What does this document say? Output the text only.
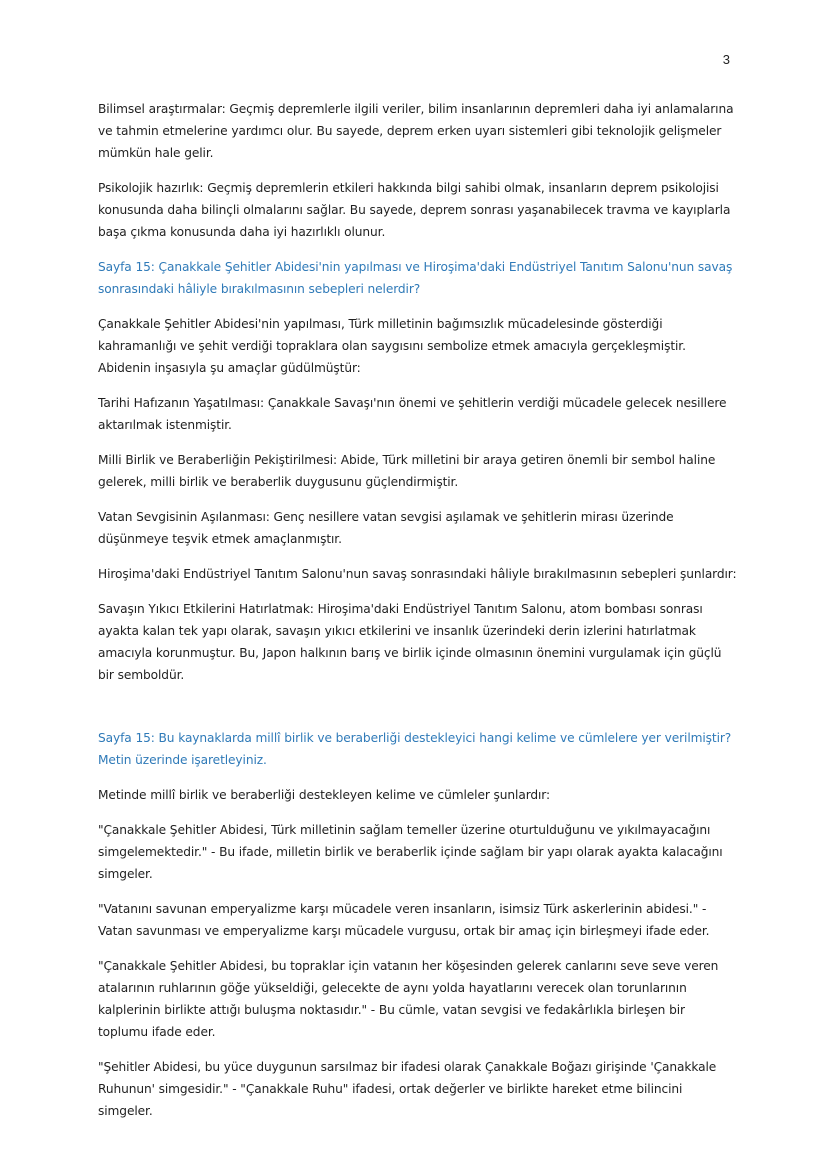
3

Bilimsel araştırmalar: Geçmiş depremlerle ilgili veriler, bilim insanlarının depremleri daha iyi anlamalarına ve tahmin etmelerine yardımcı olur. Bu sayede, deprem erken uyarı sistemleri gibi teknolojik gelişmeler mümkün hale gelir.

Psikolojik hazırlık: Geçmiş depremlerin etkileri hakkında bilgi sahibi olmak, insanların deprem psikolojisi konusunda daha bilinçli olmalarını sağlar. Bu sayede, deprem sonrası yaşanabilecek travma ve kayıplarla başa çıkma konusunda daha iyi hazırlıklı olunur.

Sayfa 15: Çanakkale Şehitler Abidesi'nin yapılması ve Hiroşima'daki Endüstriyel Tanıtım Salonu'nun savaş sonrasındaki hâliyle bırakılmasının sebepleri nelerdir?

Çanakkale Şehitler Abidesi'nin yapılması, Türk milletinin bağımsızlık mücadelesinde gösterdiği kahramanlığı ve şehit verdiği topraklara olan saygısını sembolize etmek amacıyla gerçekleşmiştir. Abidenin inşasıyla şu amaçlar güdülmüştür:

Tarihi Hafızanın Yaşatılması: Çanakkale Savaşı'nın önemi ve şehitlerin verdiği mücadele gelecek nesillere aktarılmak istenmiştir.

Milli Birlik ve Beraberliğin Pekiştirilmesi: Abide, Türk milletini bir araya getiren önemli bir sembol haline gelerek, milli birlik ve beraberlik duygusunu güçlendirmiştir.

Vatan Sevgisinin Aşılanması: Genç nesillere vatan sevgisi aşılamak ve şehitlerin mirası üzerinde düşünmeye teşvik etmek amaçlanmıştır.

Hiroşima'daki Endüstriyel Tanıtım Salonu'nun savaş sonrasındaki hâliyle bırakılmasının sebepleri şunlardır:

Savaşın Yıkıcı Etkilerini Hatırlatmak: Hiroşima'daki Endüstriyel Tanıtım Salonu, atom bombası sonrası ayakta kalan tek yapı olarak, savaşın yıkıcı etkilerini ve insanlık üzerindeki derin izlerini hatırlatmak amacıyla korunmuştur. Bu, Japon halkının barış ve birlik içinde olmasının önemini vurgulamak için güçlü bir semboldür.

Sayfa 15: Bu kaynaklarda millî birlik ve beraberliği destekleyici hangi kelime ve cümlelere yer verilmiştir? Metin üzerinde işaretleyiniz.

Metinde millî birlik ve beraberliği destekleyen kelime ve cümleler şunlardır:

"Çanakkale Şehitler Abidesi, Türk milletinin sağlam temeller üzerine oturtulduğunu ve yıkılmayacağını simgelemektedir." - Bu ifade, milletin birlik ve beraberlik içinde sağlam bir yapı olarak ayakta kalacağını simgeler.

"Vatanını savunan emperyalizme karşı mücadele veren insanların, isimsiz Türk askerlerinin abidesi." - Vatan savunması ve emperyalizme karşı mücadele vurgusu, ortak bir amaç için birleşmeyi ifade eder.

"Çanakkale Şehitler Abidesi, bu topraklar için vatanın her köşesinden gelerek canlarını seve seve veren atalarının ruhlarının göğe yükseldiği, gelecekte de aynı yolda hayatlarını verecek olan torunlarının kalplerinin birlikte attığı buluşma noktasıdır." - Bu cümle, vatan sevgisi ve fedakârlıkla birleşen bir toplumu ifade eder.

"Şehitler Abidesi, bu yüce duygunun sarsılmaz bir ifadesi olarak Çanakkale Boğazı girişinde 'Çanakkale Ruhunun' simgesidir." - "Çanakkale Ruhu" ifadesi, ortak değerler ve birlikte hareket etme bilincini simgeler.
